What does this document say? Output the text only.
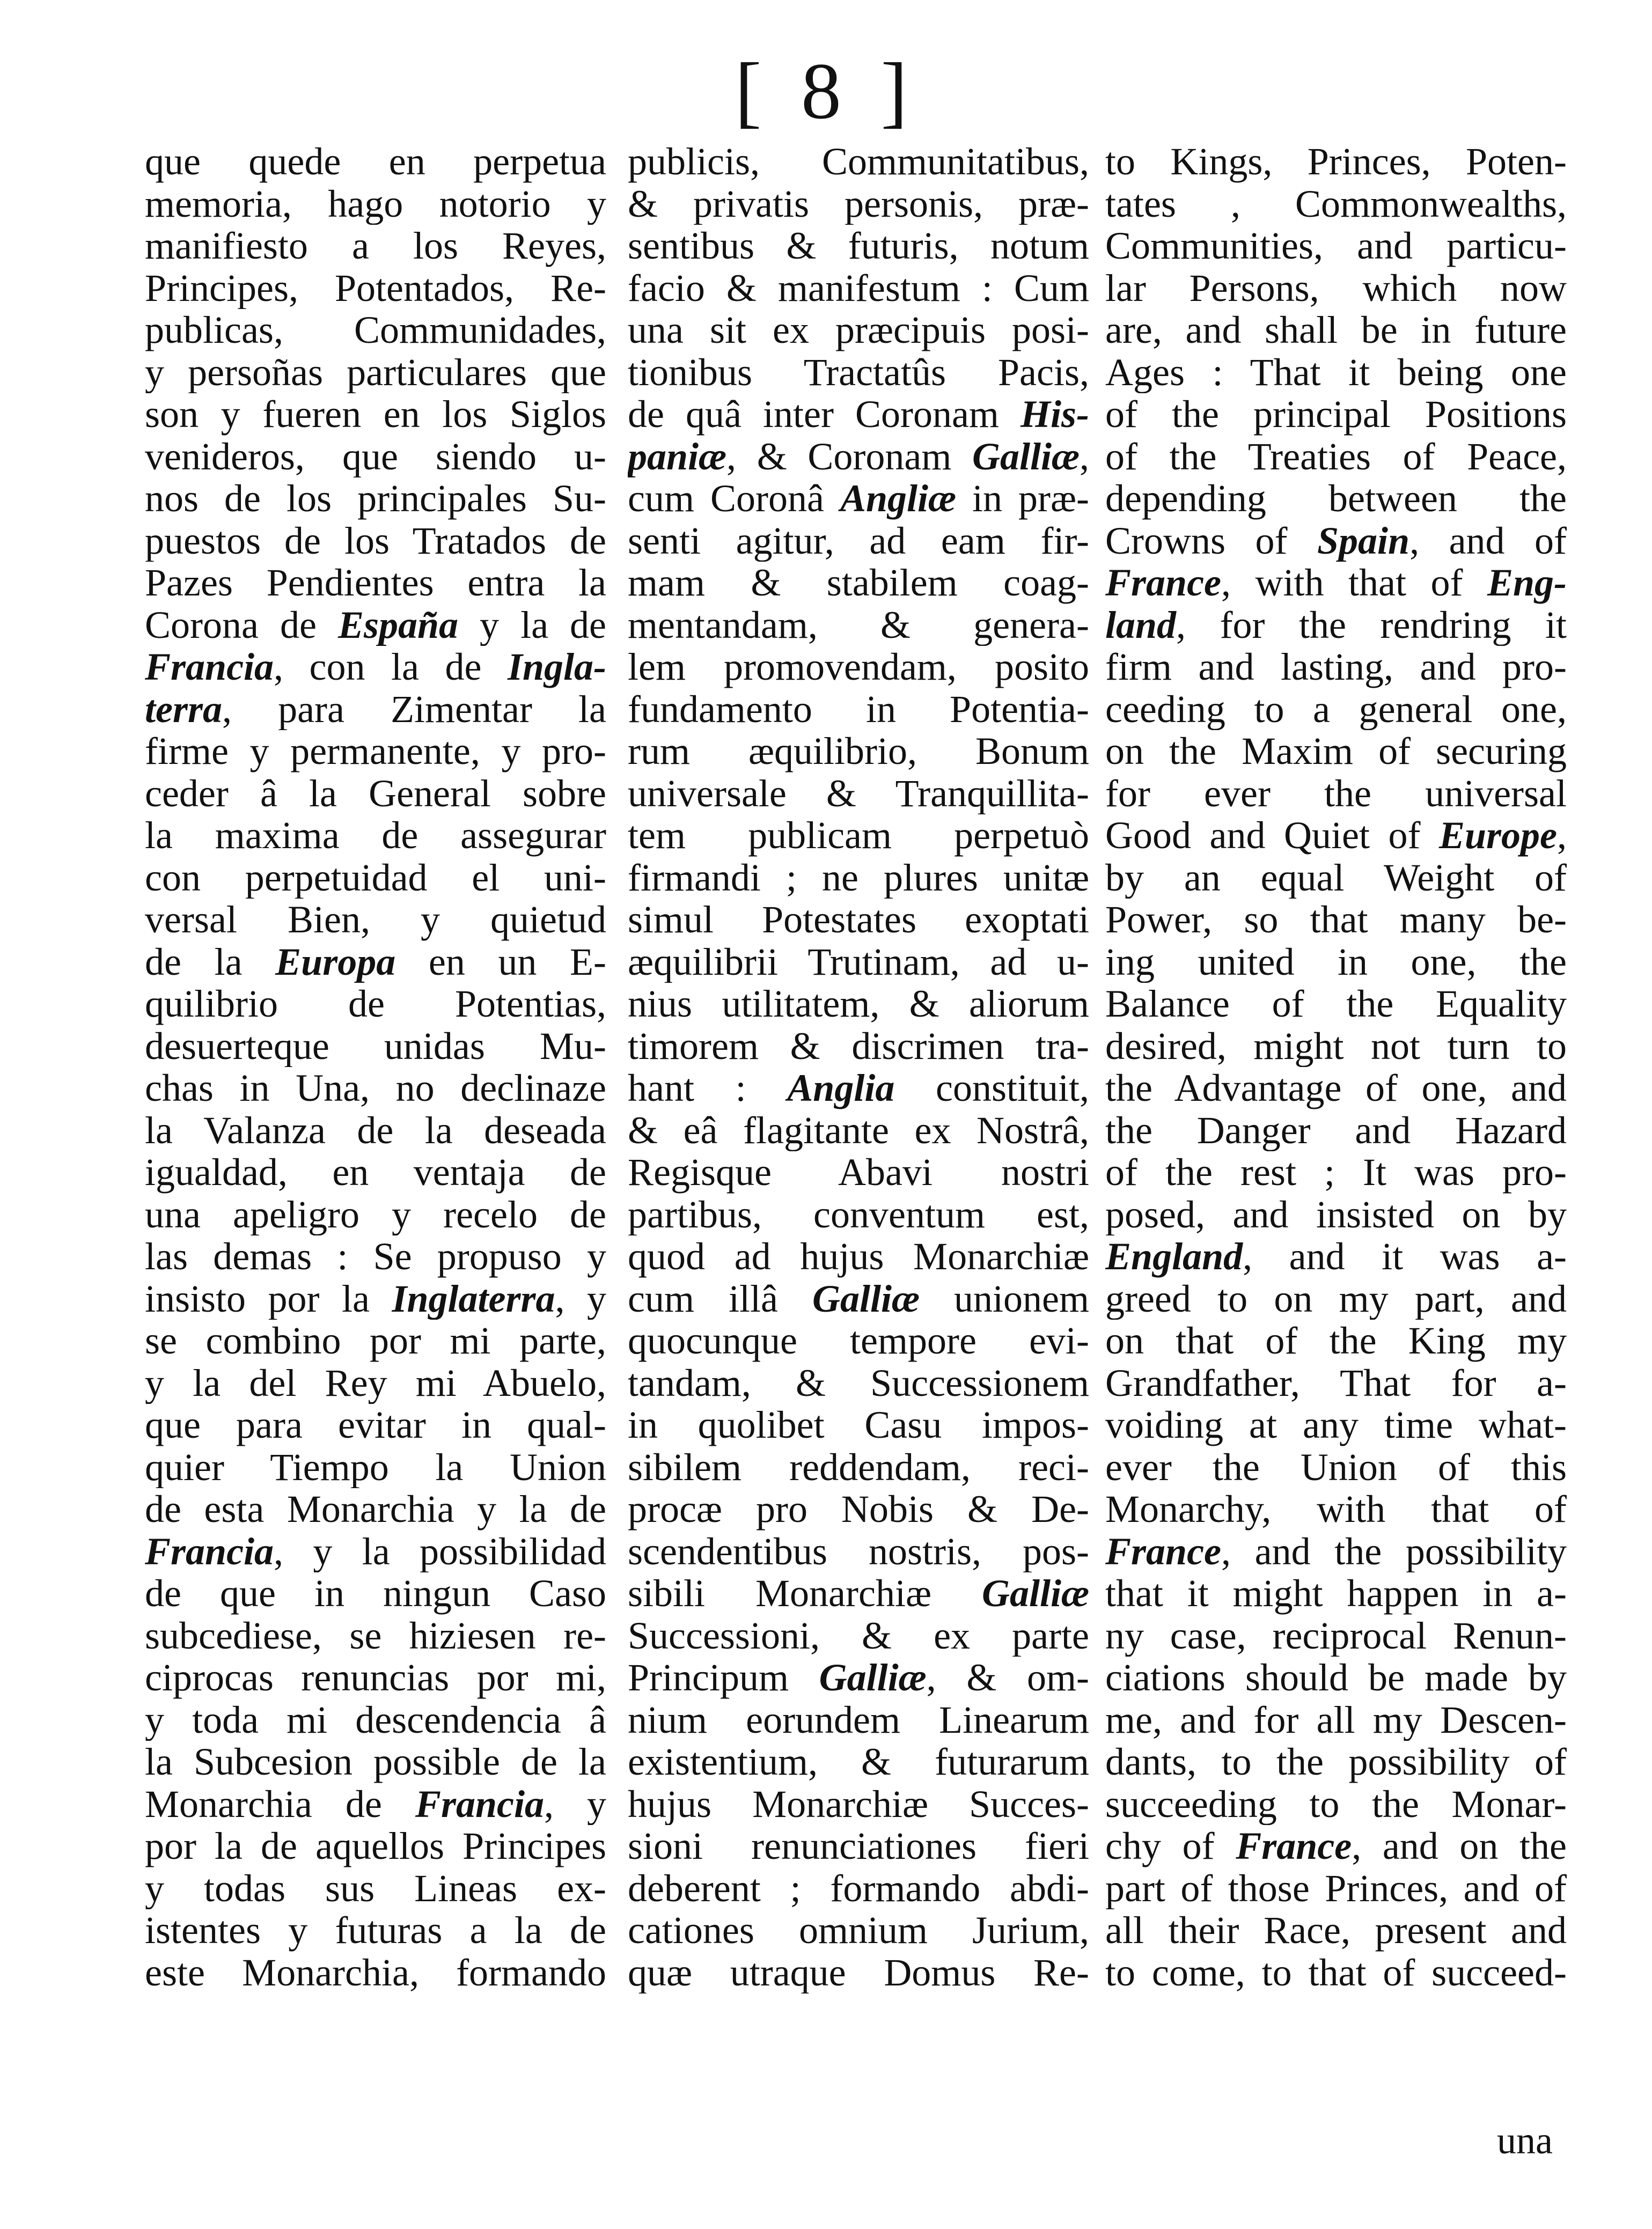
[ 8 ]
que quede en perpetua
memoria, hago notorio y
manifiesto a los Reyes,
Principes, Potentados, Re-
publicas, Communidades,
y persoñas particulares que
son y fueren en los Siglos
venideros, que siendo u-
nos de los principales Su-
puestos de los Tratados de
Pazes Pendientes entra la
Corona de España y la de
Francia, con la de Ingla-
terra, para Zimentar la
firme y permanente, y pro-
ceder â la General sobre
la maxima de assegurar
con perpetuidad el uni-
versal Bien, y quietud
de la Europa en un E-
quilibrio de Potentias,
desuerteque unidas Mu-
chas in Una, no declinaze
la Valanza de la deseada
igualdad, en ventaja de
una apeligro y recelo de
las demas : Se propuso y
insisto por la Inglaterra, y
se combino por mi parte,
y la del Rey mi Abuelo,
que para evitar in qual-
quier Tiempo la Union
de esta Monarchia y la de
Francia, y la possibilidad
de que in ningun Caso
subcediese, se hiziesen re-
ciprocas renuncias por mi,
y toda mi descendencia â
la Subcesion possible de la
Monarchia de Francia, y
por la de aquellos Principes
y todas sus Lineas ex-
istentes y futuras a la de
este Monarchia, formando
publicis, Communitatibus,
& privatis personis, præ-
sentibus & futuris, notum
facio & manifestum : Cum
una sit ex præcipuis posi-
tionibus Tractatûs Pacis,
de quâ inter Coronam His-
paniæ, & Coronam Galliæ,
cum Coronâ Angliæ in præ-
senti agitur, ad eam fir-
mam & stabilem coag-
mentandam, & genera-
lem promovendam, posito
fundamento in Potentia-
rum æquilibrio, Bonum
universale & Tranquillita-
tem publicam perpetuò
firmandi ; ne plures unitæ
simul Potestates exoptati
æquilibrii Trutinam, ad u-
nius utilitatem, & aliorum
timorem & discrimen tra-
hant : Anglia constituit,
& eâ flagitante ex Nostrâ,
Regisque Abavi nostri
partibus, conventum est,
quod ad hujus Monarchiæ
cum illâ Galliæ unionem
quocunque tempore evi-
tandam, & Successionem
in quolibet Casu impos-
sibilem reddendam, reci-
procæ pro Nobis & De-
scendentibus nostris, pos-
sibili Monarchiæ Galliæ
Successioni, & ex parte
Principum Galliæ, & om-
nium eorundem Linearum
existentium, & futurarum
hujus Monarchiæ Succes-
sioni renunciationes fieri
deberent ; formando abdi-
cationes omnium Jurium,
quæ utraque Domus Re-
to Kings, Princes, Poten-
tates , Commonwealths,
Communities, and particu-
lar Persons, which now
are, and shall be in future
Ages : That it being one
of the principal Positions
of the Treaties of Peace,
depending between the
Crowns of Spain, and of
France, with that of Eng-
land, for the rendring it
firm and lasting, and pro-
ceeding to a general one,
on the Maxim of securing
for ever the universal
Good and Quiet of Europe,
by an equal Weight of
Power, so that many be-
ing united in one, the
Balance of the Equality
desired, might not turn to
the Advantage of one, and
the Danger and Hazard
of the rest ; It was pro-
posed, and insisted on by
England, and it was a-
greed to on my part, and
on that of the King my
Grandfather, That for a-
voiding at any time what-
ever the Union of this
Monarchy, with that of
France, and the possibility
that it might happen in a-
ny case, reciprocal Renun-
ciations should be made by
me, and for all my Descen-
dants, to the possibility of
succeeding to the Monar-
chy of France, and on the
part of those Princes, and of
all their Race, present and
to come, to that of succeed-
una
